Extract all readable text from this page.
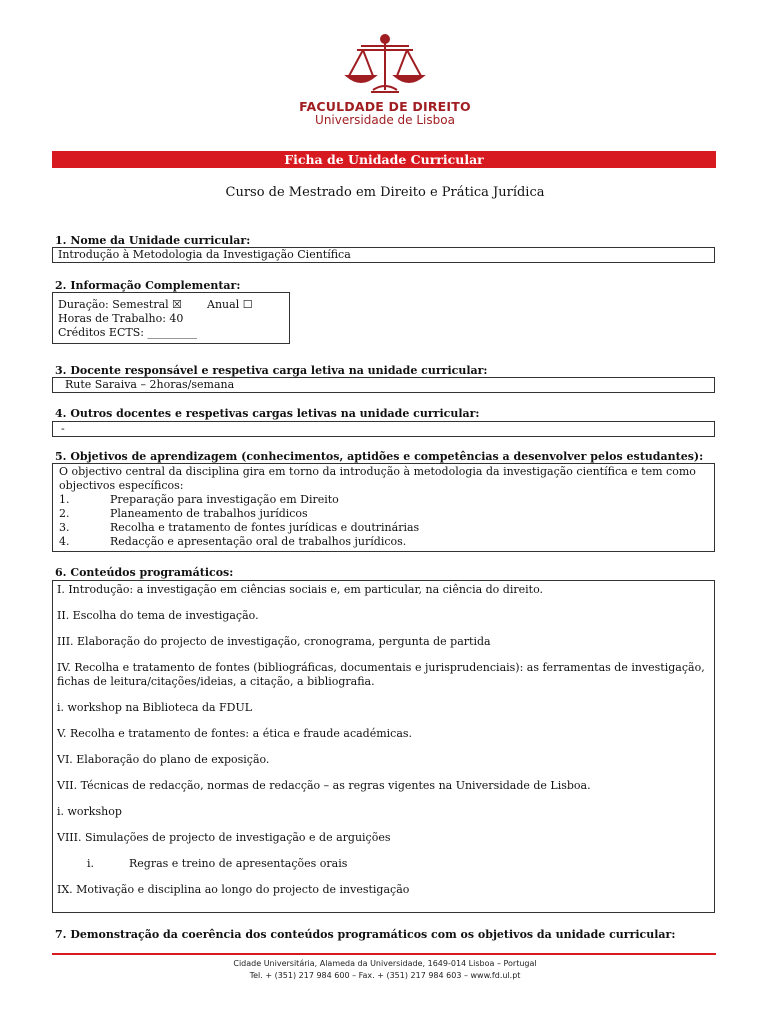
FACULDADE DE DIREITO
Universidade de Lisboa
Ficha de Unidade Curricular
Curso de Mestrado em Direito e Prática Jurídica
1. Nome da Unidade curricular:
Introdução à Metodologia da Investigação Científica
2. Informação Complementar:

Duração: Semestral ☒ Anual ☐

Horas de Trabalho: 40

Créditos ECTS: _________

3. Docente responsável e respetiva carga letiva na unidade curricular:
Rute Saraiva – 2horas/semana
4. Outros docentes e respetivas cargas letivas na unidade curricular:
-
5. Objetivos de aprendizagem (conhecimentos, aptidões e competências a desenvolver pelos estudantes):

O objectivo central da disciplina gira em torno da introdução à metodologia da investigação científica e tem como

objectivos específicos:

1.	Preparação para investigação em Direito
2.	Planeamento de trabalhos jurídicos
3.	Recolha e tratamento de fontes jurídicas e doutrinárias
4.	Redacção e apresentação oral de trabalhos jurídicos.
6. Conteúdos programáticos:

I. Introdução: a investigação em ciências sociais e, em particular, na ciência do direito.

II. Escolha do tema de investigação.

III. Elaboração do projecto de investigação, cronograma, pergunta de partida

IV. Recolha e tratamento de fontes (bibliográficas, documentais e jurisprudenciais): as ferramentas de investigação,
fichas de leitura/citações/ideias, a citação, a bibliografia.

i. workshop na Biblioteca da FDUL

V. Recolha e tratamento de fontes: a ética e fraude académicas.

VI. Elaboração do plano de exposição.

VII. Técnicas de redacção, normas de redacção – as regras vigentes na Universidade de Lisboa.

i. workshop

VIII. Simulações de projecto de investigação e de arguições

i.	Regras e treino de apresentações orais

IX. Motivação e disciplina ao longo do projecto de investigação

7. Demonstração da coerência dos conteúdos programáticos com os objetivos da unidade curricular:
Cidade Universitária, Alameda da Universidade, 1649-014 Lisboa – Portugal
Tel. + (351) 217 984 600 – Fax. + (351) 217 984 603 – www.fd.ul.pt
